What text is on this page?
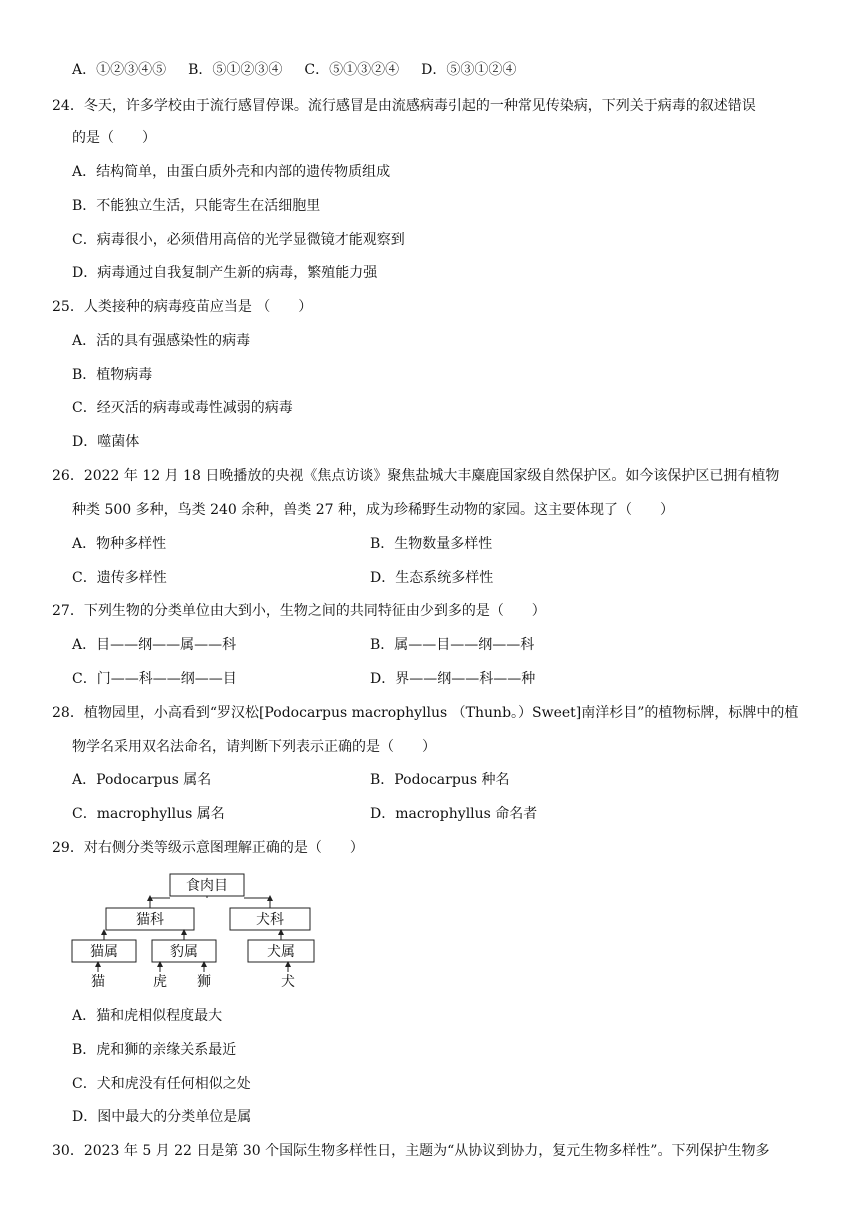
A．①②③④⑤ B．⑤①②③④ C．⑤①③②④ D．⑤③①②④
24．冬天，许多学校由于流行感冒停课。流行感冒是由流感病毒引起的一种常见传染病，下列关于病毒的叙述错误
的是（　　）
A．结构简单，由蛋白质外壳和内部的遗传物质组成
B．不能独立生活，只能寄生在活细胞里
C．病毒很小，必须借用高倍的光学显微镜才能观察到
D．病毒通过自我复制产生新的病毒，繁殖能力强
25．人类接种的病毒疫苗应当是 （　　）
A．活的具有强感染性的病毒
B．植物病毒
C．经灭活的病毒或毒性减弱的病毒
D．噬菌体
26．2022 年 12 月 18 日晚播放的央视《焦点访谈》聚焦盐城大丰麋鹿国家级自然保护区。如今该保护区已拥有植物
种类 500 多种，鸟类 240 余种，兽类 27 种，成为珍稀野生动物的家园。这主要体现了（　　）
A．物种多样性	B．生物数量多样性
C．遗传多样性	D．生态系统多样性
27．下列生物的分类单位由大到小，生物之间的共同特征由少到多的是（　　）
A．目——纲——属——科	B．属——目——纲——科
C．门——科——纲——目	D．界——纲——科——种
28．植物园里，小高看到“罗汉松[Podocarpus macrophyllus （Thunb。）Sweet]南洋杉目”的植物标牌，标牌中的植
物学名采用双名法命名，请判断下列表示正确的是（　　）
A．Podocarpus 属名	B．Podocarpus 种名
C．macrophyllus 属名	D．macrophyllus 命名者
29．对右侧分类等级示意图理解正确的是（　　）
食肉目
猫科	犬科
猫属	豹属	犬属
猫	虎 狮	犬
A．猫和虎相似程度最大
B．虎和狮的亲缘关系最近
C．犬和虎没有任何相似之处
D．图中最大的分类单位是属
30．2023 年 5 月 22 日是第 30 个国际生物多样性日，主题为“从协议到协力，复元生物多样性”。下列保护生物多
